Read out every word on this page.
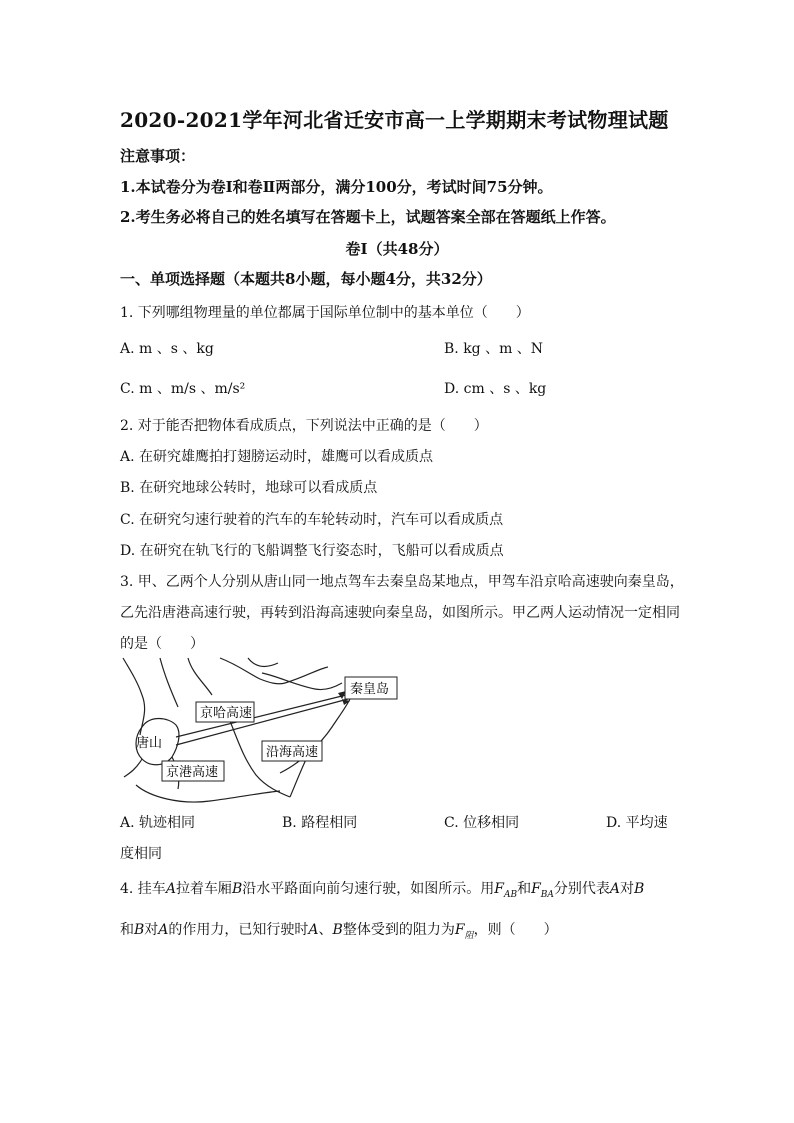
2020-2021学年河北省迁安市高一上学期期末考试物理试题
注意事项：
1.本试卷分为卷Ⅰ和卷Ⅱ两部分，满分100分，考试时间75分钟。
2.考生务必将自己的姓名填写在答题卡上，试题答案全部在答题纸上作答。
卷Ⅰ（共48分）
一、单项选择题（本题共8小题，每小题4分，共32分）
1. 下列哪组物理量的单位都属于国际单位制中的基本单位（　　）
A. m 、s 、kg	B. kg 、m 、N
C. m 、m/s 、m/s²	D. cm 、s 、kg
2. 对于能否把物体看成质点，下列说法中正确的是（　　）
A. 在研究雄鹰拍打翅膀运动时，雄鹰可以看成质点
B. 在研究地球公转时，地球可以看成质点
C. 在研究匀速行驶着的汽车的车轮转动时，汽车可以看成质点
D. 在研究在轨飞行的飞船调整飞行姿态时，飞船可以看成质点
3. 甲、乙两个人分别从唐山同一地点驾车去秦皇岛某地点，甲驾车沿京哈高速驶向秦皇岛，
乙先沿唐港高速行驶，再转到沿海高速驶向秦皇岛，如图所示。甲乙两人运动情况一定相同
的是（　　）
秦皇岛
京哈高速
唐山
沿海高速
京港高速
A. 轨迹相同	B. 路程相同	C. 位移相同	D. 平均速
度相同
4. 挂车A拉着车厢B沿水平路面向前匀速行驶，如图所示。用$F_{AB}$和$F_{BA}$分别代表A对B
和B对A的作用力，已知行驶时A、B整体受到的阻力为$F_阻$，则（　　）
